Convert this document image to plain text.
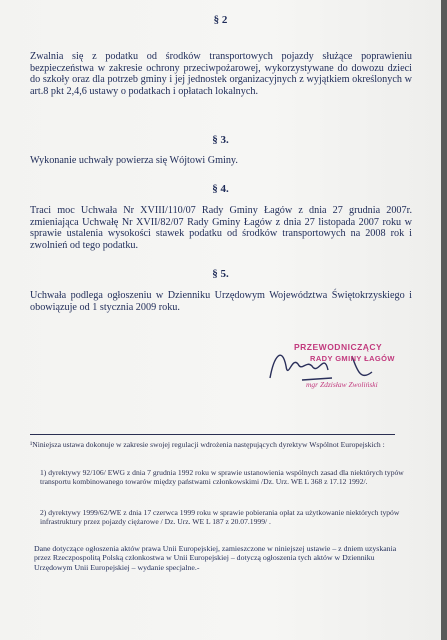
§ 2
Zwalnia się z podatku od środków transportowych pojazdy służące poprawieniu bezpieczeństwa w zakresie ochrony przeciwpożarowej, wykorzystywane do dowozu dzieci do szkoły oraz dla potrzeb gminy i jej jednostek organizacyjnych z wyjątkiem określonych w art.8 pkt 2,4,6 ustawy o podatkach i opłatach lokalnych.
§ 3.
Wykonanie uchwały powierza się Wójtowi Gminy.
§ 4.
Traci moc Uchwała Nr XVIII/110/07 Rady Gminy Łagów z dnia 27 grudnia 2007r. zmieniająca Uchwałę Nr XVII/82/07 Rady Gminy Łagów z dnia 27 listopada 2007 roku w sprawie ustalenia wysokości stawek podatku od środków transportowych na 2008 rok i zwolnień od tego podatku.
§ 5.
Uchwała podlega ogłoszeniu w Dzienniku Urzędowym Województwa Świętokrzyskiego i obowiązuje od 1 stycznia 2009 roku.
PRZEWODNICZĄCY
RADY GMINY ŁAGÓW
mgr Zdzisław Zwoliński
¹Niniejsza ustawa dokonuje w zakresie swojej regulacji wdrożenia następujących dyrektyw Wspólnot Europejskich :
1) dyrektywy 92/106/ EWG z dnia 7 grudnia 1992 roku w sprawie ustanowienia wspólnych zasad dla niektórych typów transportu kombinowanego towarów między państwami członkowskimi /Dz. Urz. WE L 368 z 17.12 1992/.
2) dyrektywy 1999/62/WE z dnia 17 czerwca 1999 roku w sprawie pobierania opłat za użytkowanie niektórych typów infrastruktury przez pojazdy ciężarowe / Dz. Urz. WE L 187 z 20.07.1999/ .
Dane dotyczące ogłoszenia aktów prawa Unii Europejskiej, zamieszczone w niniejszej ustawie – z dniem uzyskania przez Rzeczpospolitą Polską członkostwa w Unii Europejskiej – dotyczą ogłoszenia tych aktów w Dzienniku Urzędowym Unii Europejskiej – wydanie specjalne.-
